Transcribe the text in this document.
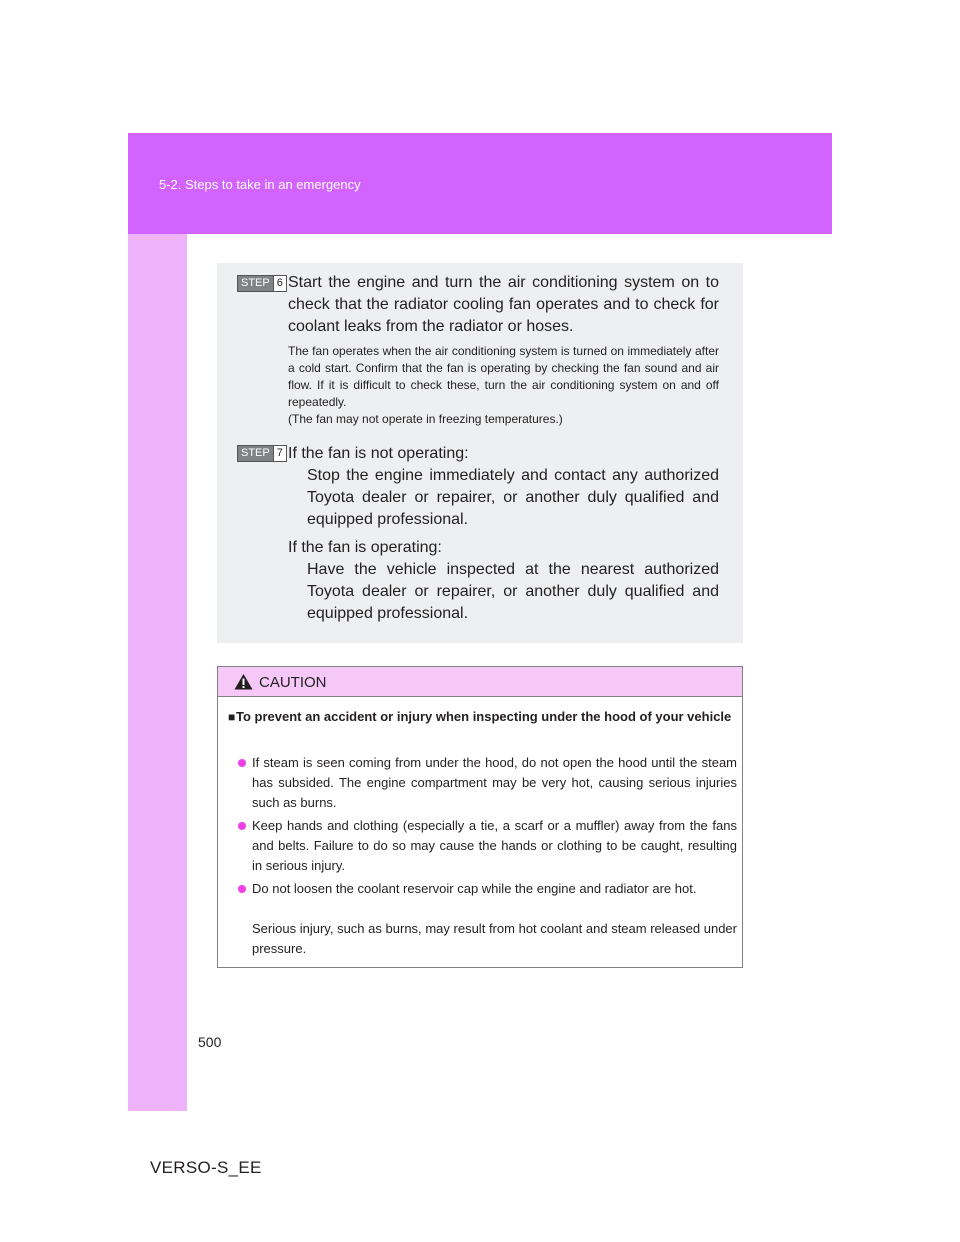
5-2. Steps to take in an emergency
500
VERSO-S_EE
STEP 6 Start the engine and turn the air conditioning system on to check that the radiator cooling fan operates and to check for coolant leaks from the radiator or hoses.
The fan operates when the air conditioning system is turned on immediately after a cold start. Confirm that the fan is operating by checking the fan sound and air flow. If it is difficult to check these, turn the air conditioning system on and off repeatedly.
(The fan may not operate in freezing temperatures.)
STEP 7 If the fan is not operating:
Stop the engine immediately and contact any authorized Toyota dealer or repairer, or another duly qualified and equipped professional.
If the fan is operating:
Have the vehicle inspected at the nearest authorized Toyota dealer or repairer, or another duly qualified and equipped professional.
CAUTION
■ To prevent an accident or injury when inspecting under the hood of your vehicle
If steam is seen coming from under the hood, do not open the hood until the steam has subsided. The engine compartment may be very hot, causing serious injuries such as burns.
Keep hands and clothing (especially a tie, a scarf or a muffler) away from the fans and belts. Failure to do so may cause the hands or clothing to be caught, resulting in serious injury.
Do not loosen the coolant reservoir cap while the engine and radiator are hot.
Serious injury, such as burns, may result from hot coolant and steam released under pressure.
